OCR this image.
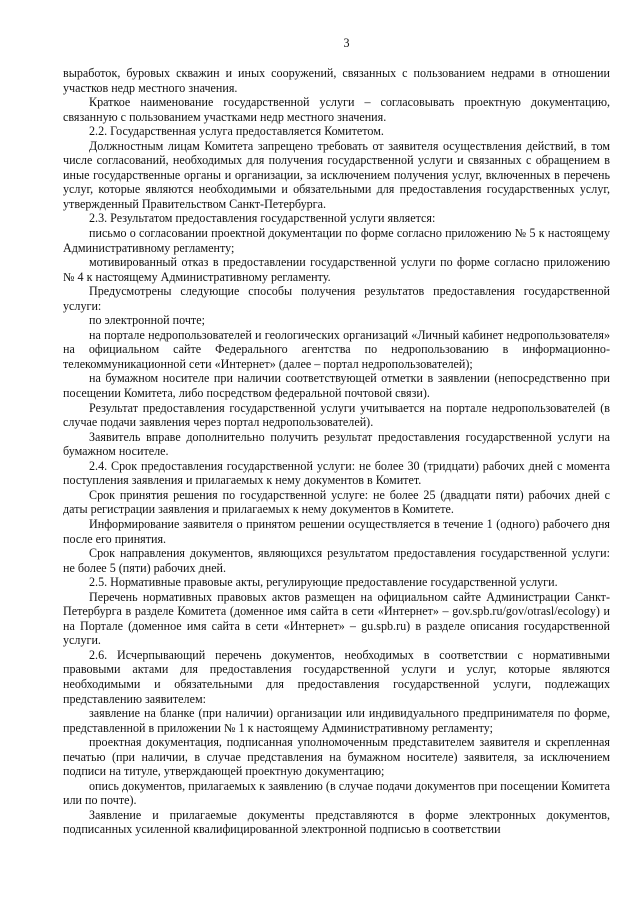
3

выработок, буровых скважин и иных сооружений, связанных с пользованием недрами в отношении участков недр местного значения.

Краткое наименование государственной услуги – согласовывать проектную документацию, связанную с пользованием участками недр местного значения.

2.2. Государственная услуга предоставляется Комитетом.

Должностным лицам Комитета запрещено требовать от заявителя осуществления действий, в том числе согласований, необходимых для получения государственной услуги и связанных с обращением в иные государственные органы и организации, за исключением получения услуг, включенных в перечень услуг, которые являются необходимыми и обязательными для предоставления государственных услуг, утвержденный Правительством Санкт-Петербурга.

2.3. Результатом предоставления государственной услуги является:

письмо о согласовании проектной документации по форме согласно приложению № 5 к настоящему Административному регламенту;

мотивированный отказ в предоставлении государственной услуги по форме согласно приложению № 4 к настоящему Административному регламенту.

Предусмотрены следующие способы получения результатов предоставления государственной услуги:

по электронной почте;

на портале недропользователей и геологических организаций «Личный кабинет недропользователя» на официальном сайте Федерального агентства по недропользованию в информационно-телекоммуникационной сети «Интернет» (далее – портал недропользователей);

на бумажном носителе при наличии соответствующей отметки в заявлении (непосредственно при посещении Комитета, либо посредством федеральной почтовой связи).

Результат предоставления государственной услуги учитывается на портале недропользователей (в случае подачи заявления через портал недропользователей).

Заявитель вправе дополнительно получить результат предоставления государственной услуги на бумажном носителе.

2.4. Срок предоставления государственной услуги: не более 30 (тридцати) рабочих дней с момента поступления заявления и прилагаемых к нему документов в Комитет.

Срок принятия решения по государственной услуге: не более 25 (двадцати пяти) рабочих дней с даты регистрации заявления и прилагаемых к нему документов в Комитете.

Информирование заявителя о принятом решении осуществляется в течение 1 (одного) рабочего дня после его принятия.

Срок направления документов, являющихся результатом предоставления государственной услуги: не более 5 (пяти) рабочих дней.

2.5. Нормативные правовые акты, регулирующие предоставление государственной услуги.

Перечень нормативных правовых актов размещен на официальном сайте Администрации Санкт-Петербурга в разделе Комитета (доменное имя сайта в сети «Интернет» – gov.spb.ru/gov/otrasl/ecology) и на Портале (доменное имя сайта в сети «Интернет» – gu.spb.ru) в разделе описания государственной услуги.

2.6. Исчерпывающий перечень документов, необходимых в соответствии с нормативными правовыми актами для предоставления государственной услуги и услуг, которые являются необходимыми и обязательными для предоставления государственной услуги, подлежащих представлению заявителем:

заявление на бланке (при наличии) организации или индивидуального предпринимателя по форме, представленной в приложении № 1 к настоящему Административному регламенту;

проектная документация, подписанная уполномоченным представителем заявителя и скрепленная печатью (при наличии, в случае представления на бумажном носителе) заявителя, за исключением подписи на титуле, утверждающей проектную документацию;

опись документов, прилагаемых к заявлению (в случае подачи документов при посещении Комитета или по почте).

Заявление и прилагаемые документы представляются в форме электронных документов, подписанных усиленной квалифицированной электронной подписью в соответствии
